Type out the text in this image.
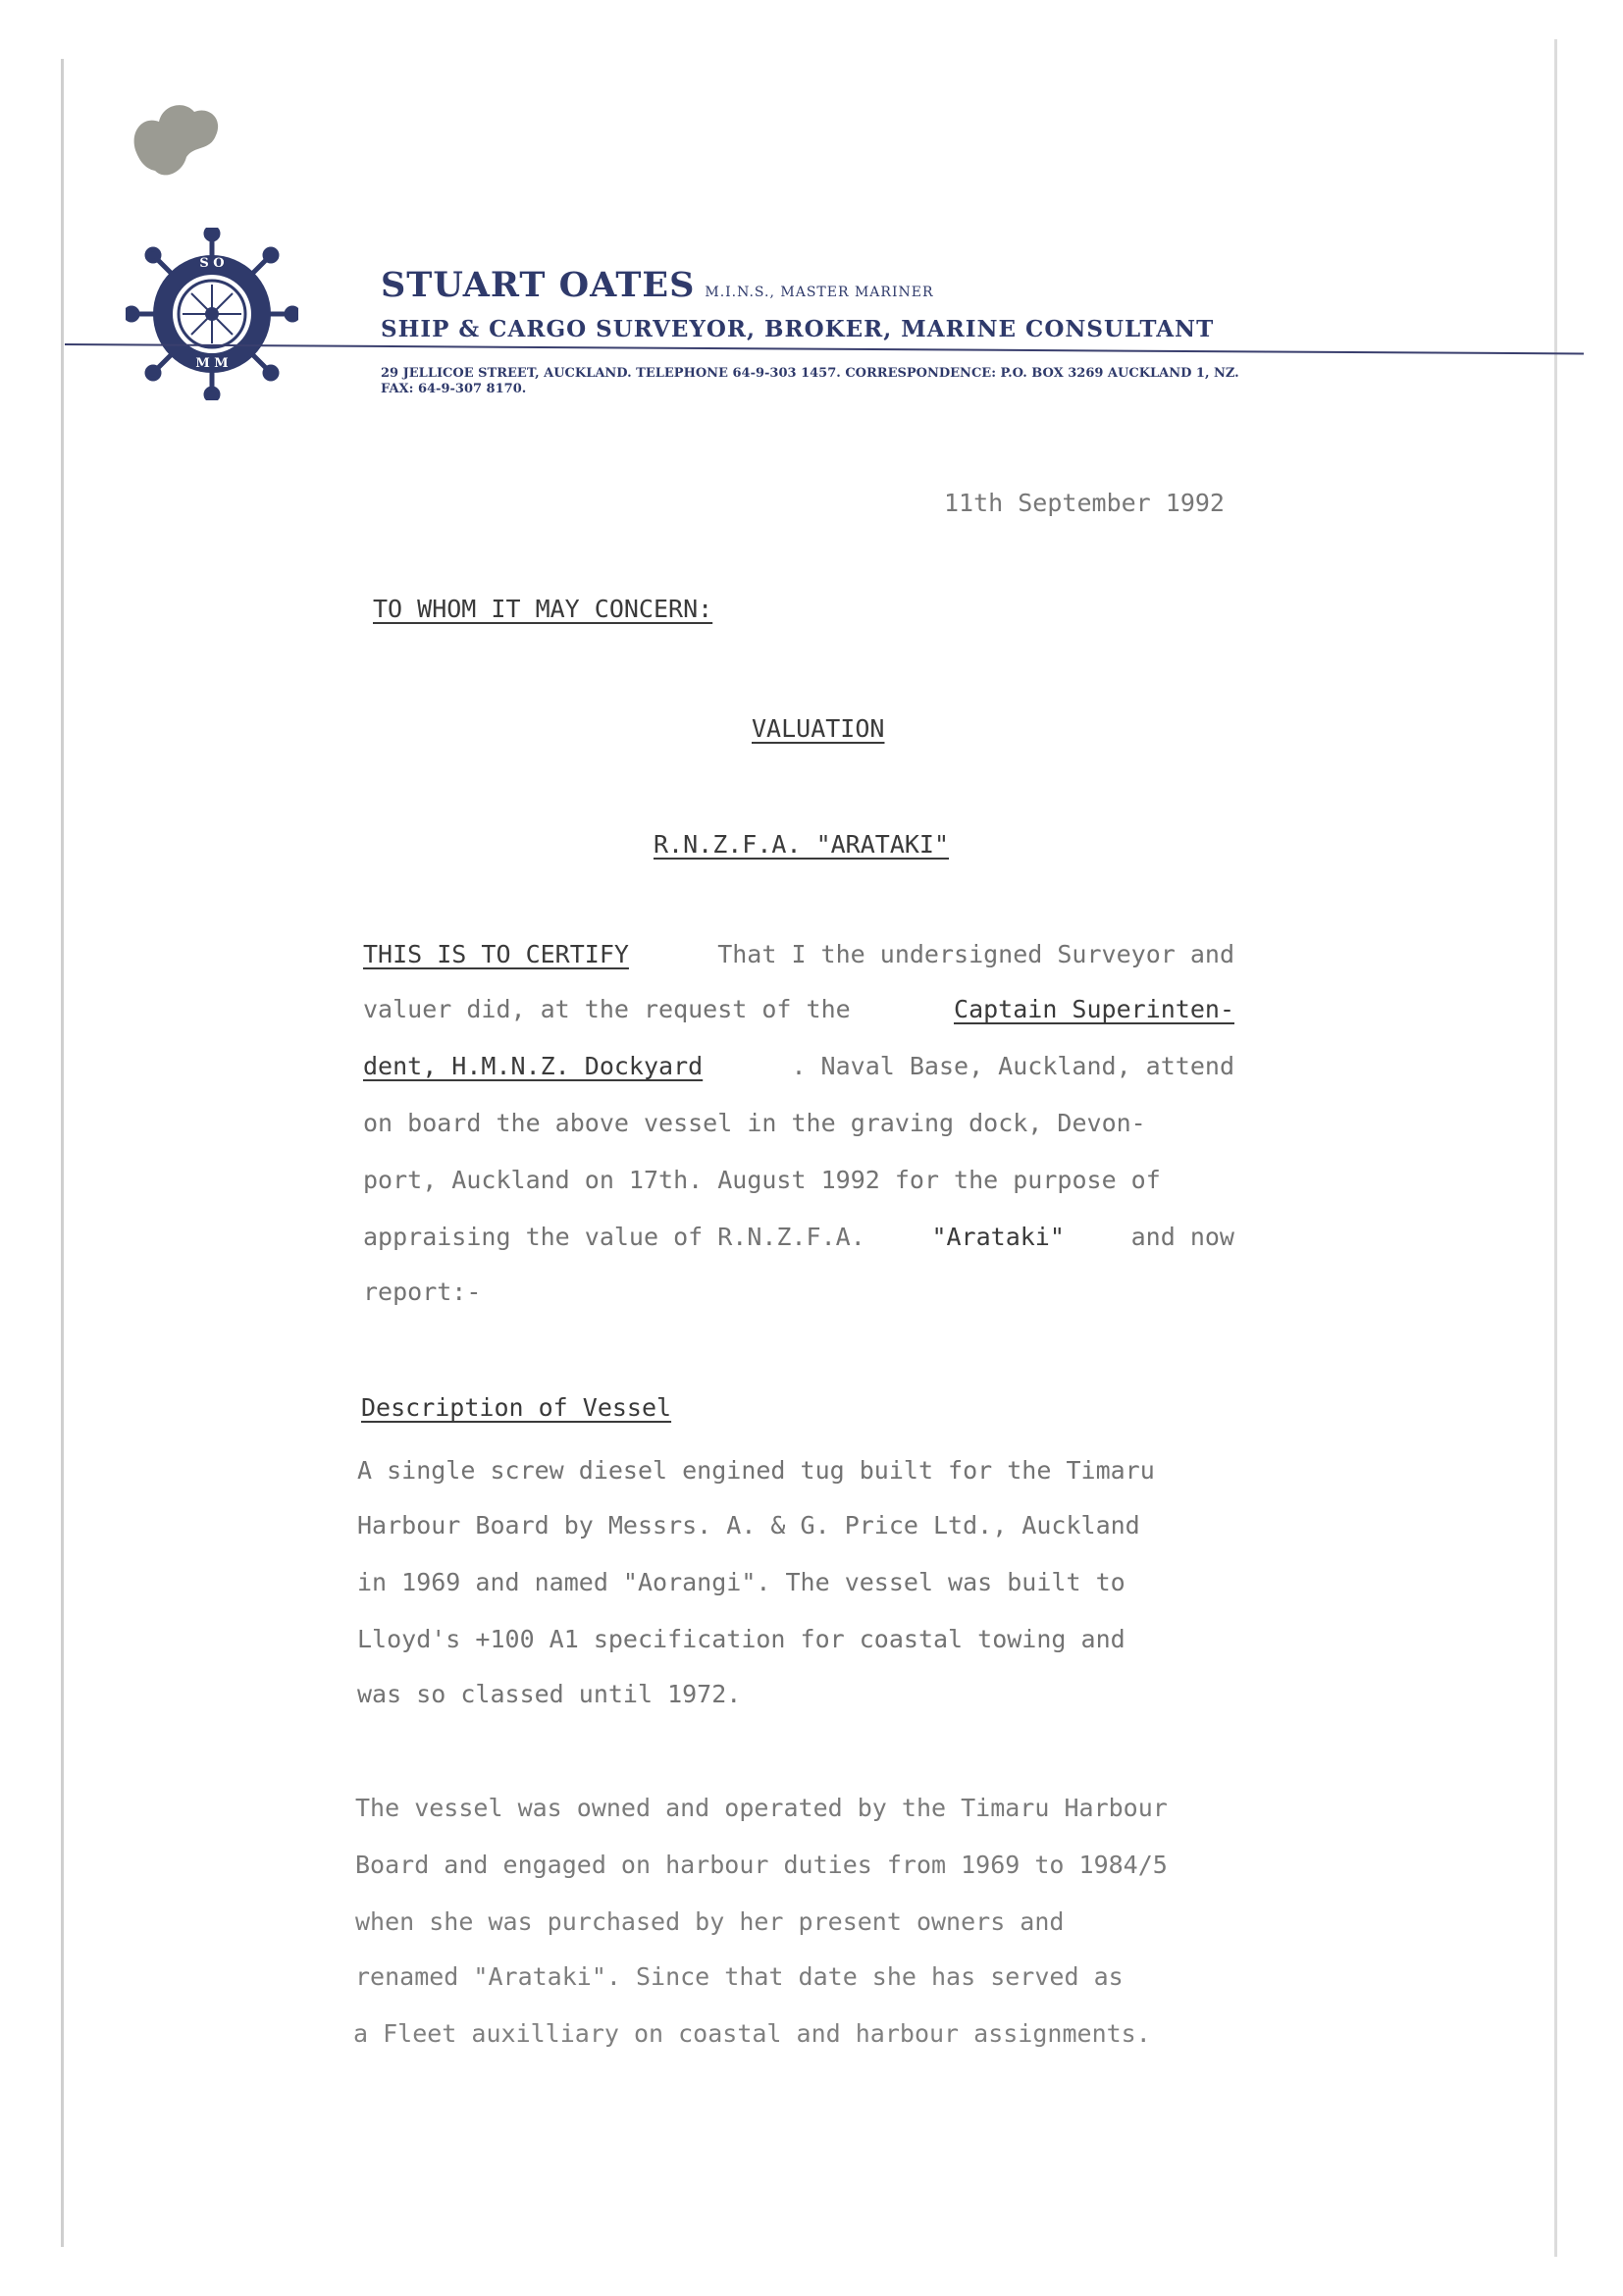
S O
M M
STUART OATES M.I.N.S., MASTER MARINER
SHIP & CARGO SURVEYOR, BROKER, MARINE CONSULTANT
29 JELLICOE STREET, AUCKLAND. TELEPHONE 64-9-303 1457. CORRESPONDENCE: P.O. BOX 3269 AUCKLAND 1, NZ.
FAX: 64-9-307 8170.
11th September 1992
TO WHOM IT MAY CONCERN:
VALUATION
R.N.Z.F.A. "ARATAKI"
THIS IS TO CERTIFY	That I the undersigned Surveyor and
valuer did, at the request of the	Captain Superinten-
dent, H.M.N.Z. Dockyard	. Naval Base, Auckland, attend
on board the above vessel in the graving dock, Devon-
port, Auckland on 17th. August 1992 for the purpose of
appraising the value of R.N.Z.F.A.	"Arataki"	and now
report:-
Description of Vessel
A single screw diesel engined tug built for the Timaru
Harbour Board by Messrs. A. & G. Price Ltd., Auckland
in 1969 and named "Aorangi". The vessel was built to
Lloyd's +100 A1 specification for coastal towing and
was so classed until 1972.
The vessel was owned and operated by the Timaru Harbour
Board and engaged on harbour duties from 1969 to 1984/5
when she was purchased by her present owners and
renamed "Arataki". Since that date she has served as
a Fleet auxilliary on coastal and harbour assignments.
